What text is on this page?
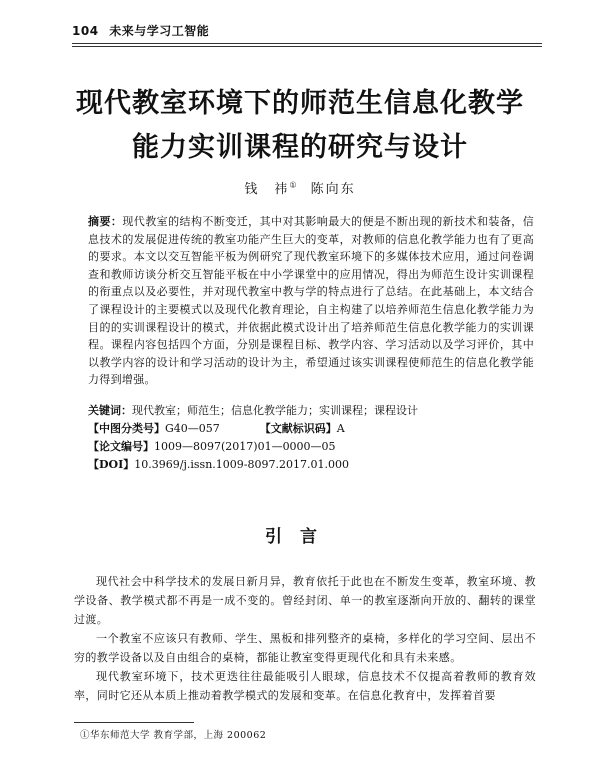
104 未来与学习工智能
现代教室环境下的师范生信息化教学
能力实训课程的研究与设计
钱　祎① 陈向东
摘要：现代教室的结构不断变迁，其中对其影响最大的便是不断出现的新技术和装备，信息技术的发展促进传统的教室功能产生巨大的变革，对教师的信息化教学能力也有了更高的要求。本文以交互智能平板为例研究了现代教室环境下的多媒体技术应用，通过问卷调查和教师访谈分析交互智能平板在中小学课堂中的应用情况，得出为师范生设计实训课程的衔重点以及必要性，并对现代教室中教与学的特点进行了总结。在此基础上，本文结合了课程设计的主要模式以及现代化教育理论，自主构建了以培养师范生信息化教学能力为目的的实训课程设计的模式，并依据此模式设计出了培养师范生信息化教学能力的实训课程。课程内容包括四个方面，分别是课程目标、教学内容、学习活动以及学习评价，其中以教学内容的设计和学习活动的设计为主，希望通过该实训课程使师范生的信息化教学能力得到增强。
关键词：现代教室；师范生；信息化教学能力；实训课程；课程设计
【中图分类号】G40—057	【文献标识码】A
【论文编号】1009—8097(2017)01—0000—05
【DOI】10.3969/j.issn.1009-8097.2017.01.000
引言

现代社会中科学技术的发展日新月异，教育依托于此也在不断发生变革，教室环境、教学设备、教学模式都不再是一成不变的。曾经封闭、单一的教室逐渐向开放的、翻转的课堂过渡。

一个教室不应该只有教师、学生、黑板和排列整齐的桌椅，多样化的学习空间、层出不穷的教学设备以及自由组合的桌椅，都能让教室变得更现代化和具有未来感。

现代教室环境下，技术更迭往往最能吸引人眼球，信息技术不仅提高着教师的教育效率，同时它还从本质上推动着教学模式的发展和变革。在信息化教育中，发挥着首要

①华东师范大学 教育学部，上海 200062
